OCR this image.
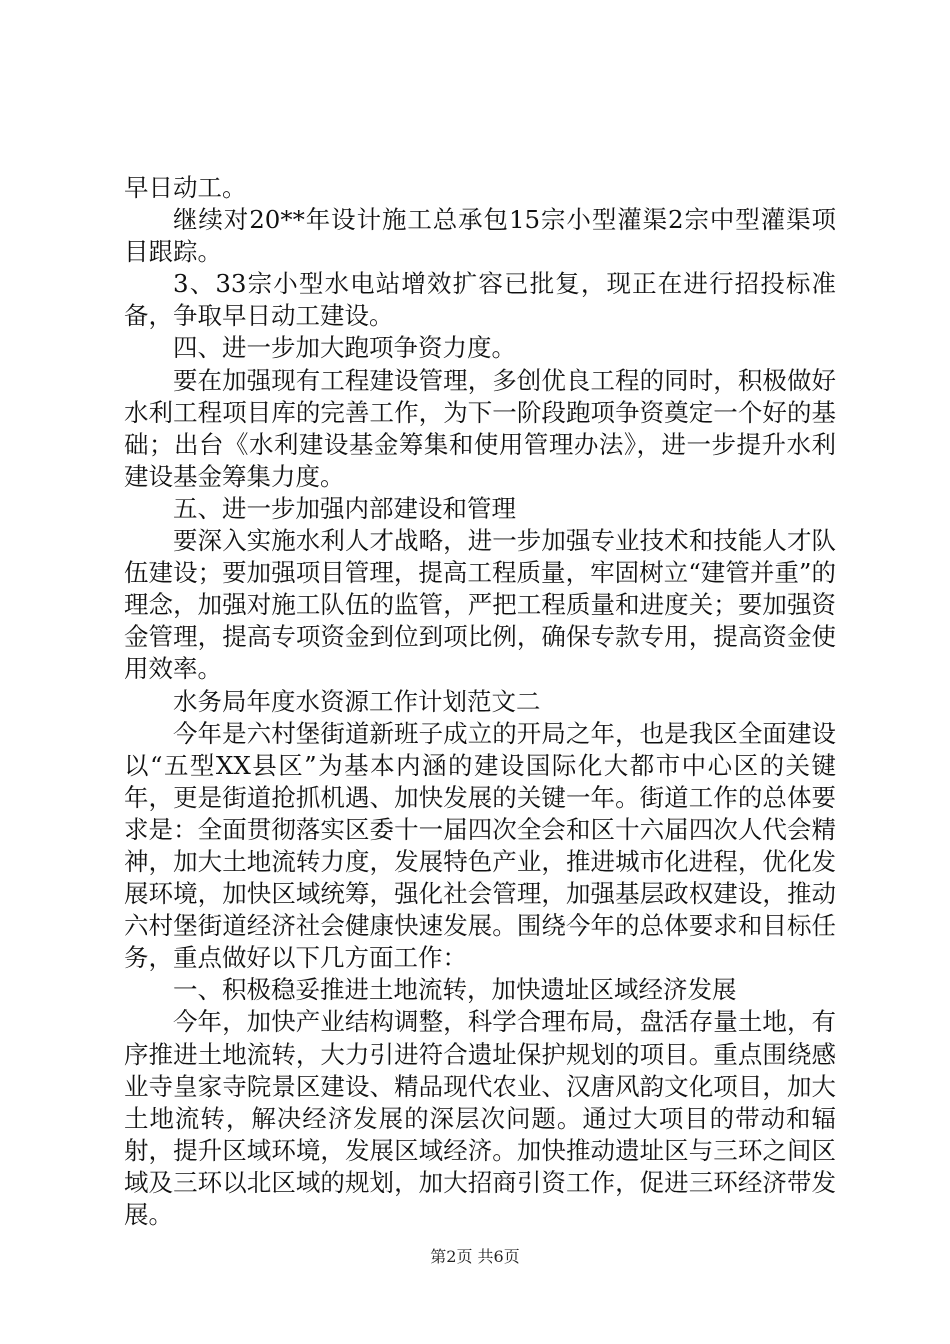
早日动工。

继续对20**年设计施工总承包15宗小型灌渠2宗中型灌渠项目跟踪。

3、33宗小型水电站增效扩容已批复，现正在进行招投标准备，争取早日动工建设。

四、进一步加大跑项争资力度。

要在加强现有工程建设管理，多创优良工程的同时，积极做好水利工程项目库的完善工作，为下一阶段跑项争资奠定一个好的基础；出台《水利建设基金筹集和使用管理办法》，进一步提升水利建设基金筹集力度。

五、进一步加强内部建设和管理

要深入实施水利人才战略，进一步加强专业技术和技能人才队伍建设；要加强项目管理，提高工程质量，牢固树立“建管并重”的理念，加强对施工队伍的监管，严把工程质量和进度关；要加强资金管理，提高专项资金到位到项比例，确保专款专用，提高资金使用效率。

水务局年度水资源工作计划范文二

今年是六村堡街道新班子成立的开局之年，也是我区全面建设以“五型XX县区”为基本内涵的建设国际化大都市中心区的关键年，更是街道抢抓机遇、加快发展的关键一年。街道工作的总体要求是：全面贯彻落实区委十一届四次全会和区十六届四次人代会精神，加大土地流转力度，发展特色产业，推进城市化进程，优化发展环境，加快区域统筹，强化社会管理，加强基层政权建设，推动六村堡街道经济社会健康快速发展。围绕今年的总体要求和目标任务，重点做好以下几方面工作：

一、积极稳妥推进土地流转，加快遗址区域经济发展

今年，加快产业结构调整，科学合理布局，盘活存量土地，有序推进土地流转，大力引进符合遗址保护规划的项目。重点围绕感业寺皇家寺院景区建设、精品现代农业、汉唐风韵文化项目，加大土地流转，解决经济发展的深层次问题。通过大项目的带动和辐射，提升区域环境，发展区域经济。加快推动遗址区与三环之间区域及三环以北区域的规划，加大招商引资工作，促进三环经济带发展。

第2页 共6页
